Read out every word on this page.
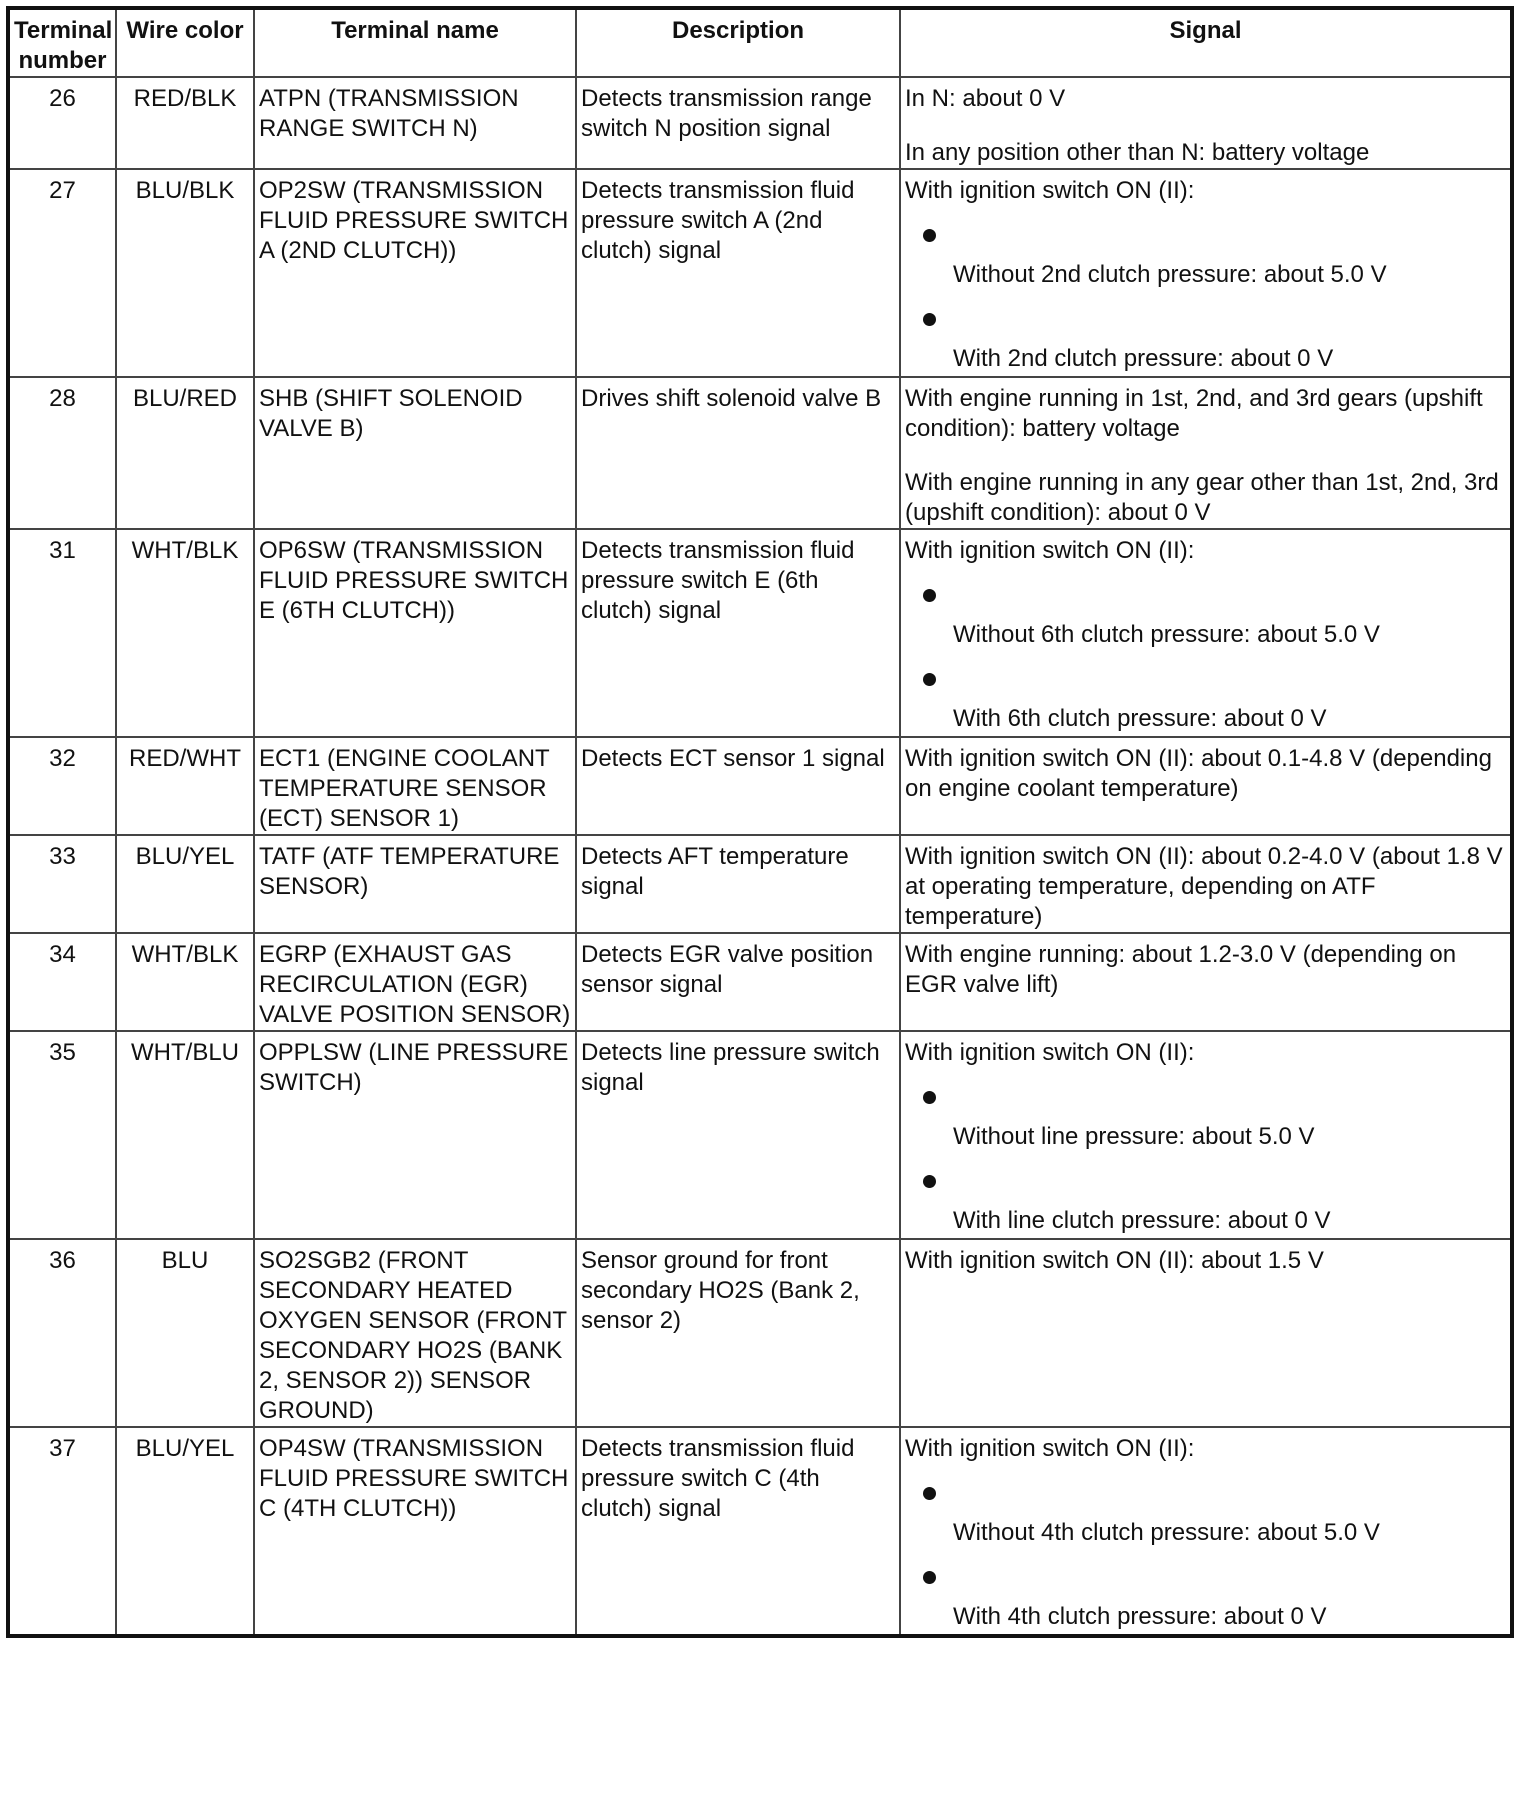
Terminal number	Wire color	Terminal name	Description	Signal
26	RED/BLK	ATPN (TRANSMISSION RANGE SWITCH N)	Detects transmission range switch N position signal	In N: about 0 V
In any position other than N: battery voltage

27	BLU/BLK	OP2SW (TRANSMISSION FLUID PRESSURE SWITCH A (2ND CLUTCH))	Detects transmission fluid pressure switch A (2nd clutch) signal	With ignition switch ON (II):
Without 2nd clutch pressure: about 5.0 V
With 2nd clutch pressure: about 0 V

28	BLU/RED	SHB (SHIFT SOLENOID VALVE B)	Drives shift solenoid valve B	With engine running in 1st, 2nd, and 3rd gears (upshift condition): battery voltage
With engine running in any gear other than 1st, 2nd, 3rd (upshift condition): about 0 V

31	WHT/BLK	OP6SW (TRANSMISSION FLUID PRESSURE SWITCH E (6TH CLUTCH))	Detects transmission fluid pressure switch E (6th clutch) signal	With ignition switch ON (II):
Without 6th clutch pressure: about 5.0 V
With 6th clutch pressure: about 0 V

32	RED/WHT	ECT1 (ENGINE COOLANT TEMPERATURE SENSOR (ECT) SENSOR 1)	Detects ECT sensor 1 signal	With ignition switch ON (II): about 0.1-4.8 V (depending on engine coolant temperature)

33	BLU/YEL	TATF (ATF TEMPERATURE SENSOR)	Detects AFT temperature signal	With ignition switch ON (II): about 0.2-4.0 V (about 1.8 V at operating temperature, depending on ATF temperature)

34	WHT/BLK	EGRP (EXHAUST GAS RECIRCULATION (EGR) VALVE POSITION SENSOR)	Detects EGR valve position sensor signal	With engine running: about 1.2-3.0 V (depending on EGR valve lift)

35	WHT/BLU	OPPLSW (LINE PRESSURE SWITCH)	Detects line pressure switch signal	With ignition switch ON (II):
Without line pressure: about 5.0 V
With line clutch pressure: about 0 V

36	BLU	SO2SGB2 (FRONT SECONDARY HEATED OXYGEN SENSOR (FRONT SECONDARY HO2S (BANK 2, SENSOR 2)) SENSOR GROUND)	Sensor ground for front secondary HO2S (Bank 2, sensor 2)	With ignition switch ON (II): about 1.5 V

37	BLU/YEL	OP4SW (TRANSMISSION FLUID PRESSURE SWITCH C (4TH CLUTCH))	Detects transmission fluid pressure switch C (4th clutch) signal	With ignition switch ON (II):
Without 4th clutch pressure: about 5.0 V
With 4th clutch pressure: about 0 V
